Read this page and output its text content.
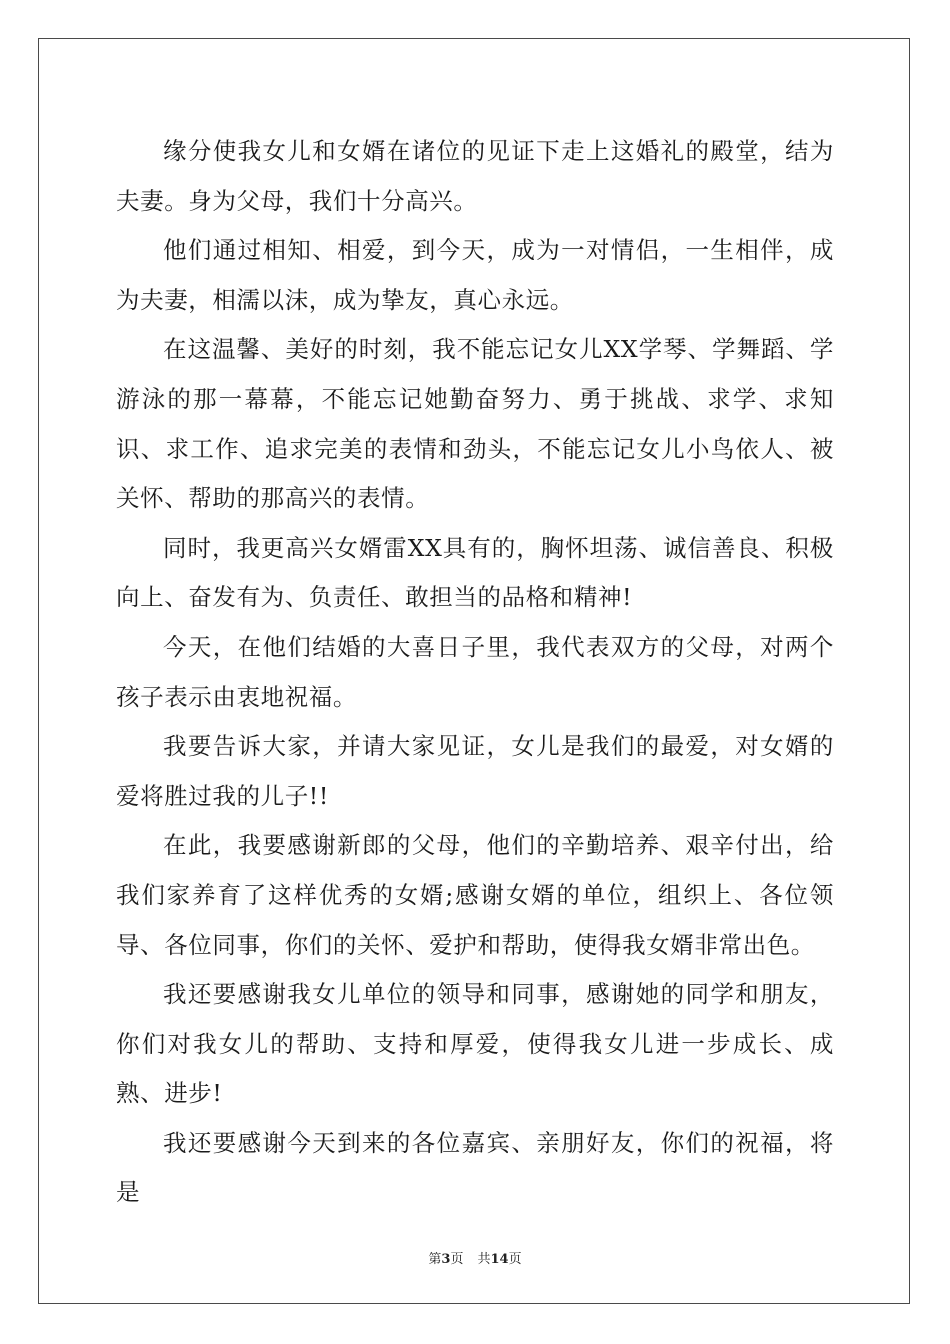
缘分使我女儿和女婿在诸位的见证下走上这婚礼的殿堂，结为夫妻。身为父母，我们十分高兴。

他们通过相知、相爱，到今天，成为一对情侣，一生相伴，成为夫妻，相濡以沫，成为挚友，真心永远。

在这温馨、美好的时刻，我不能忘记女儿XX学琴、学舞蹈、学游泳的那一幕幕，不能忘记她勤奋努力、勇于挑战、求学、求知识、求工作、追求完美的表情和劲头，不能忘记女儿小鸟依人、被关怀、帮助的那高兴的表情。

同时，我更高兴女婿雷XX具有的，胸怀坦荡、诚信善良、积极向上、奋发有为、负责任、敢担当的品格和精神!

今天，在他们结婚的大喜日子里，我代表双方的父母，对两个孩子表示由衷地祝福。

我要告诉大家，并请大家见证，女儿是我们的最爱，对女婿的爱将胜过我的儿子!!

在此，我要感谢新郎的父母，他们的辛勤培养、艰辛付出，给我们家养育了这样优秀的女婿;感谢女婿的单位，组织上、各位领导、各位同事，你们的关怀、爱护和帮助，使得我女婿非常出色。

我还要感谢我女儿单位的领导和同事，感谢她的同学和朋友，你们对我女儿的帮助、支持和厚爱，使得我女儿进一步成长、成熟、进步!

我还要感谢今天到来的各位嘉宾、亲朋好友，你们的祝福，将是

第3页 共14页
